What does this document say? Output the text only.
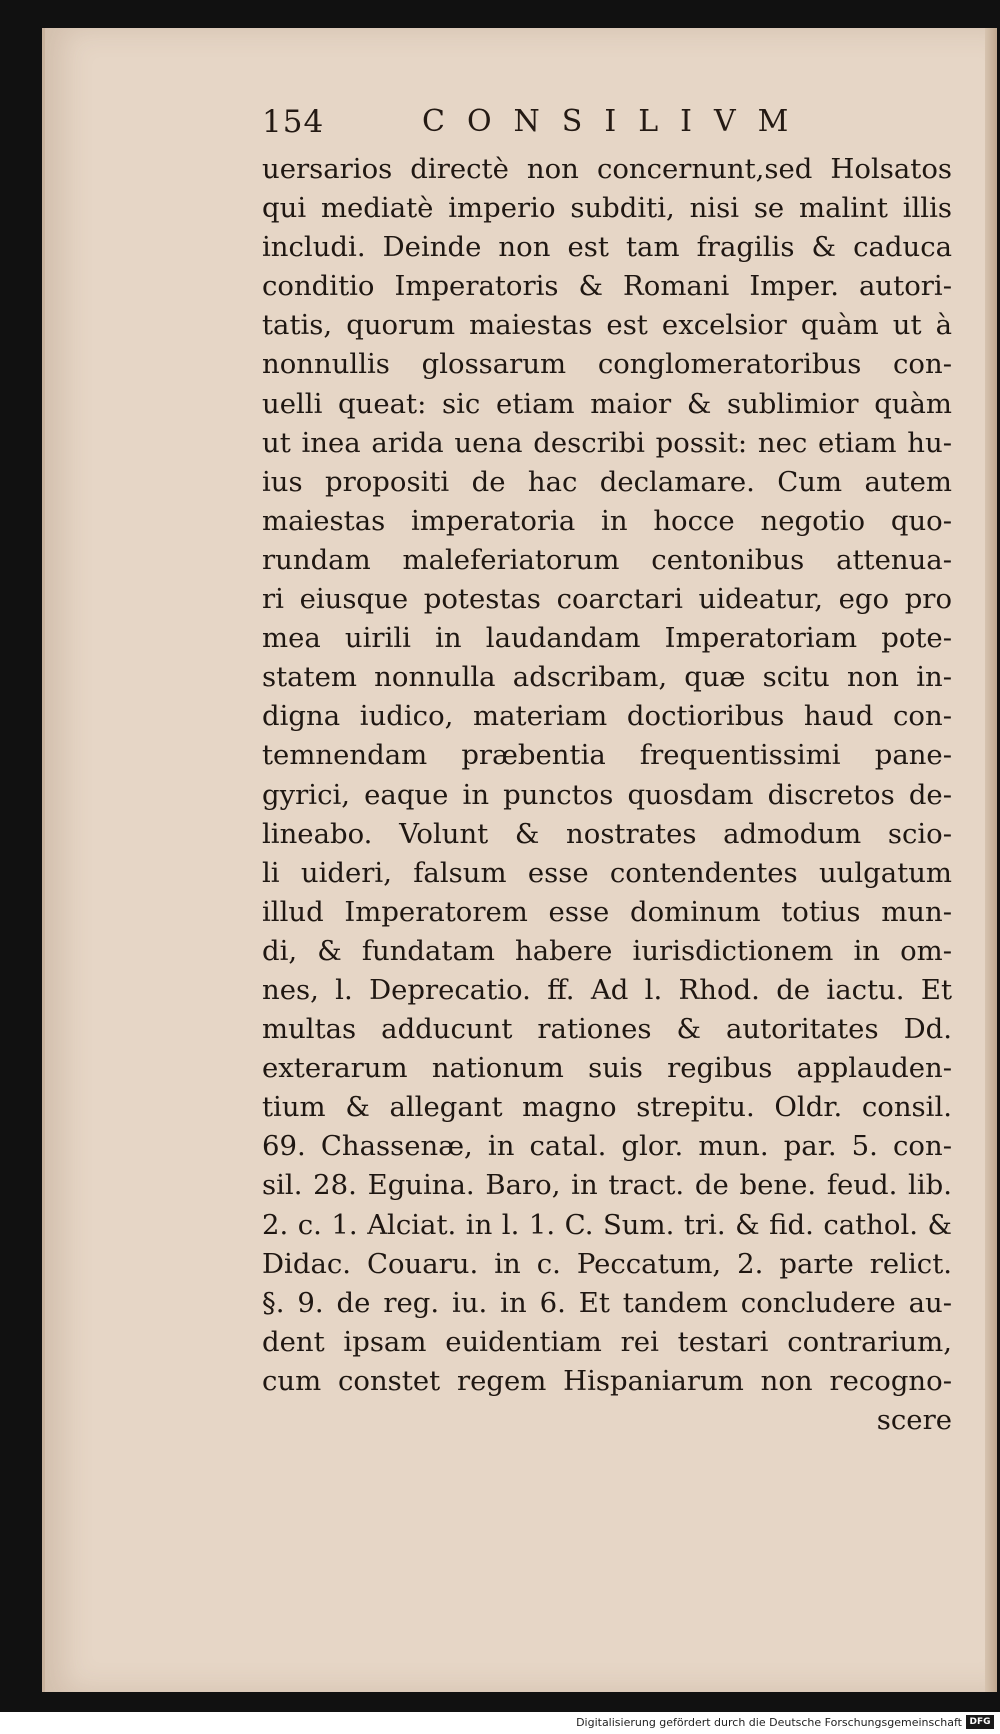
154	CONSILIVM
uersarios directè non concernunt,sed Holsatos
qui mediatè imperio subditi, nisi se malint illis
includi. Deinde non est tam fragilis & caduca
conditio Imperatoris & Romani Imper. autori-
tatis, quorum maiestas est excelsior quàm ut à
nonnullis glossarum conglomeratoribus con-
uelli queat: sic etiam maior & sublimior quàm
ut inea arida uena describi possit: nec etiam hu-
ius propositi de hac declamare. Cum autem
maiestas imperatoria in hocce negotio quo-
rundam maleferiatorum centonibus attenua-
ri eiusque potestas coarctari uideatur, ego pro
mea uirili in laudandam Imperatoriam pote-
statem nonnulla adscribam, quæ scitu non in-
digna iudico, materiam doctioribus haud con-
temnendam præbentia frequentissimi pane-
gyrici, eaque in punctos quosdam discretos de-
lineabo. Volunt & nostrates admodum scio-
li uideri, falsum esse contendentes uulgatum
illud Imperatorem esse dominum totius mun-
di, & fundatam habere iurisdictionem in om-
nes, l. Deprecatio. ff. Ad l. Rhod. de iactu. Et
multas adducunt rationes & autoritates Dd.
exterarum nationum suis regibus applauden-
tium & allegant magno strepitu. Oldr. consil.
69. Chassenæ, in catal. glor. mun. par. 5. con-
sil. 28. Eguina. Baro, in tract. de bene. feud. lib.
2. c. 1. Alciat. in l. 1. C. Sum. tri. & fid. cathol. &
Didac. Couaru. in c. Peccatum, 2. parte relict.
§. 9. de reg. iu. in 6. Et tandem concludere au-
dent ipsam euidentiam rei testari contrarium,
cum constet regem Hispaniarum non recogno-
scere
Digitalisierung gefördert durch die Deutsche Forschungsgemeinschaft DFG
